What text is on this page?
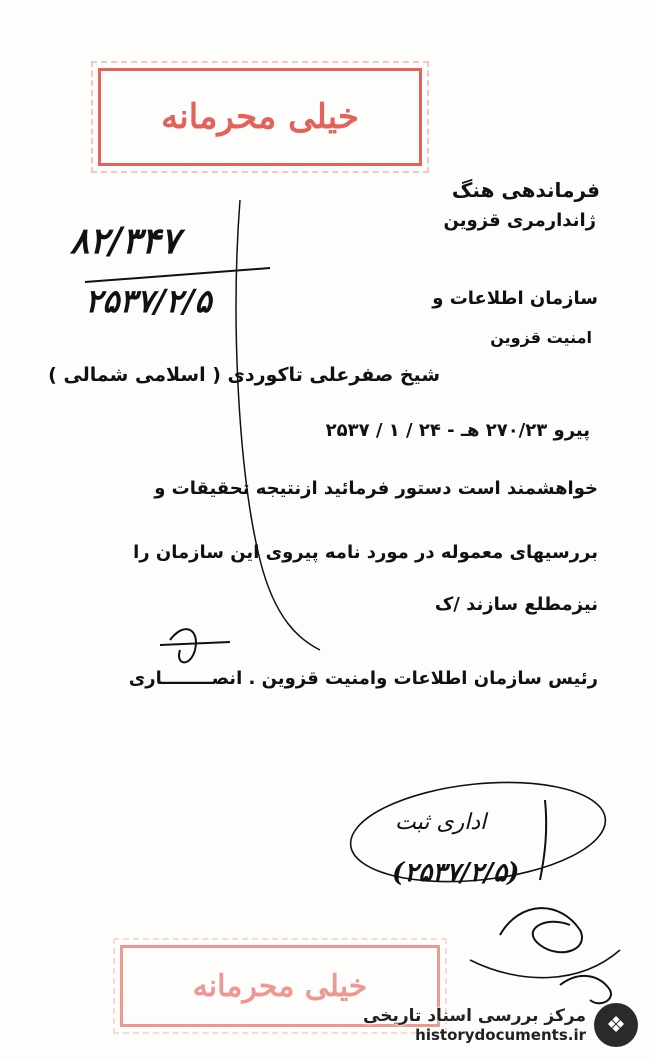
خیلی محرمانه
فرماندهی هنگ
ژاندارمری قزوین
۸۲/۳۴۷
۲۵۳۷/۲/۵	سازمان اطلاعات و
امنیت قزوین
شیخ صفرعلی تاکوردی ( اسلامی شمالی )
پیرو ۲۷۰/۲۳ هـ - ۲۴ / ۱ / ۲۵۳۷
خواهشمند است دستور فرمائید ازنتیجه تحقیقات و
بررسیهای معموله در مورد نامه پیروی این سازمان را
نیزمطلع سازند /ک
رئیس سازمان اطلاعات وامنیت قزوین . انصــــــــاری
اداری ثبت
(۲۵۳۷/۲/۵)
خیلی محرمانه
مرکز بررسی اسناد تاریخی
historydocuments.ir ❖
